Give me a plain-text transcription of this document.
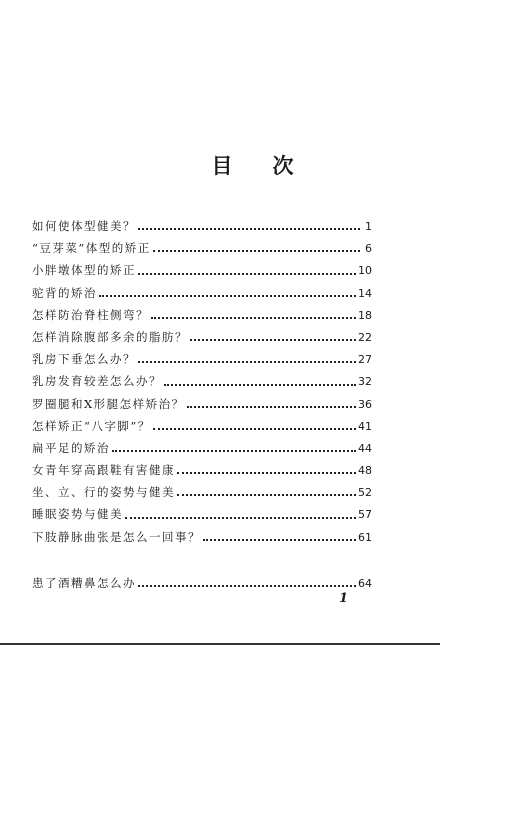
目 次
如何使体型健美？	1
“豆芽菜”体型的矫正	6
小胖墩体型的矫正	10
驼背的矫治	14
怎样防治脊柱侧弯？	18
怎样消除腹部多余的脂肪？	22
乳房下垂怎么办？	27
乳房发育较差怎么办？	32
罗圈腿和X形腿怎样矫治？	36
怎样矫正“八字脚”？	41
扁平足的矫治	44
女青年穿高跟鞋有害健康	48
坐、立、行的姿势与健美	52
睡眠姿势与健美	57
下肢静脉曲张是怎么一回事？	61
患了酒糟鼻怎么办	64
1
